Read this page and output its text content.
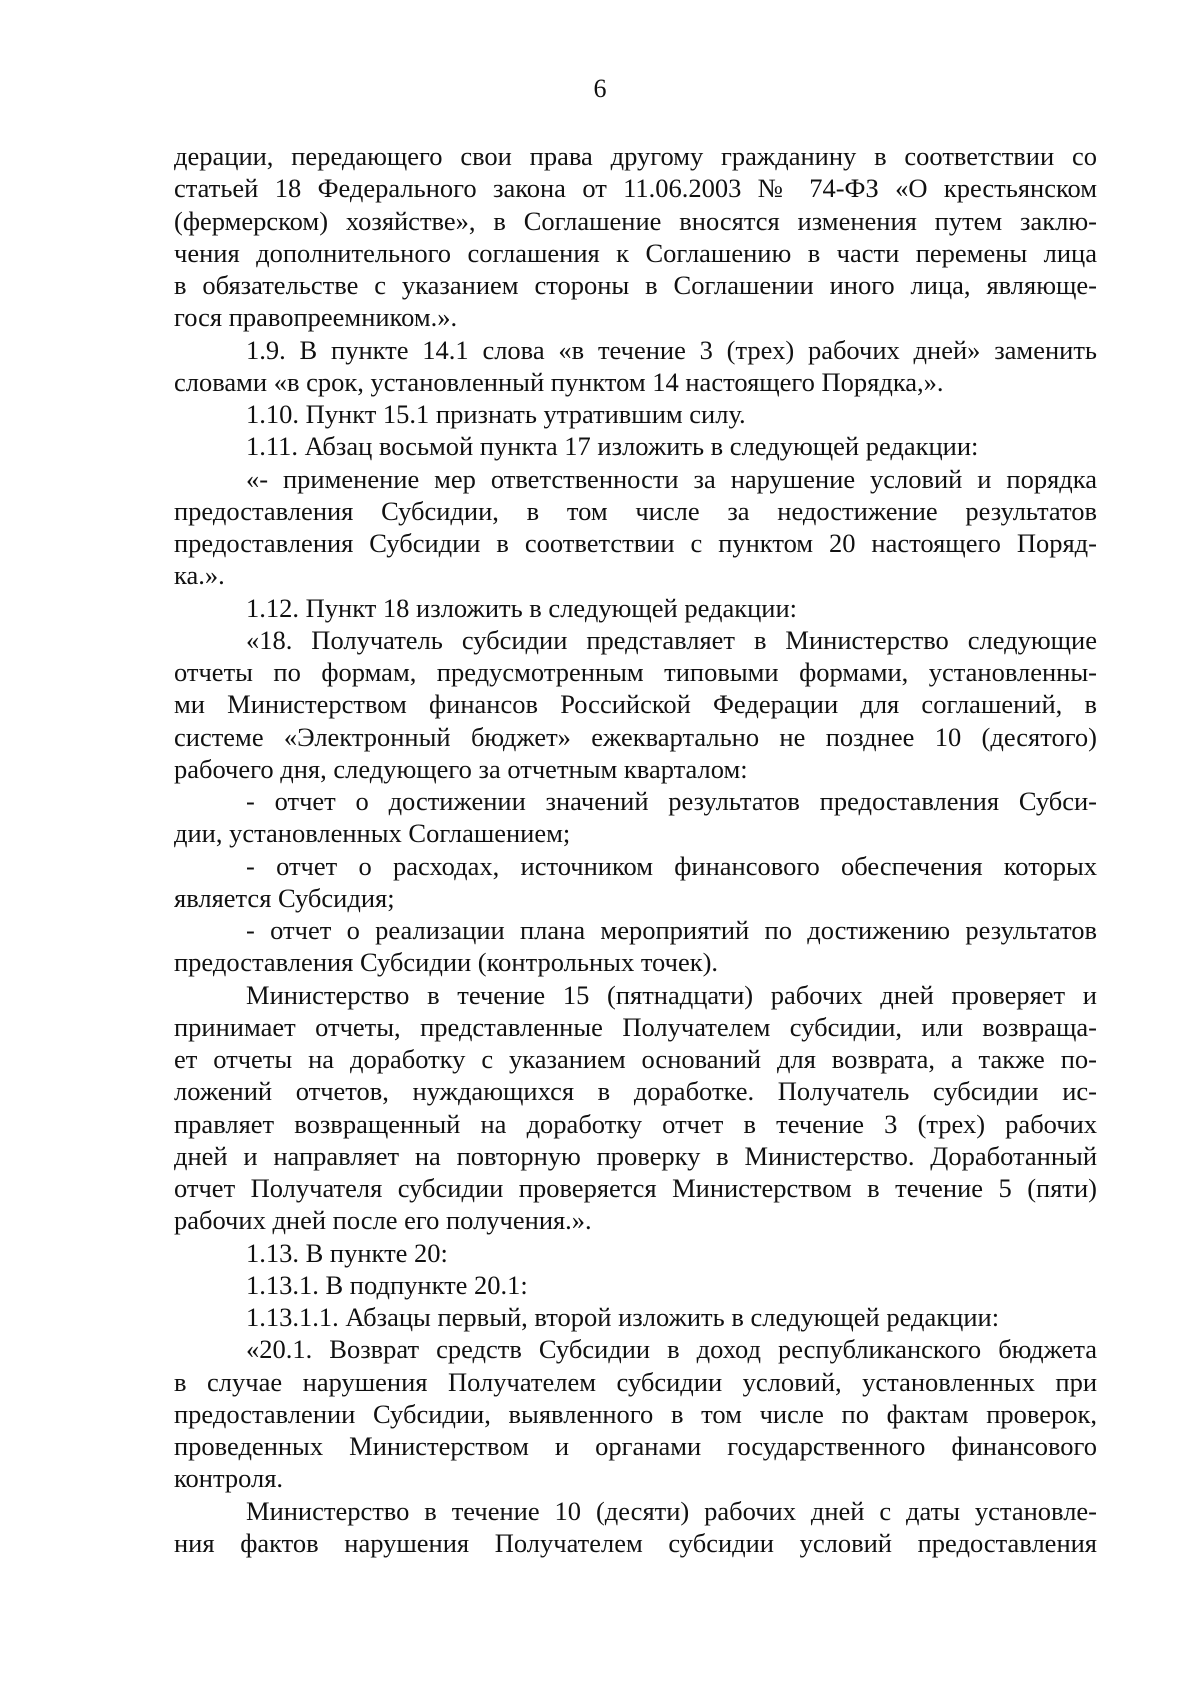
6
дерации, передающего свои права другому гражданину в соответствии со
статьей 18 Федерального закона от 11.06.2003 № 74-ФЗ «О крестьянском
(фермерском) хозяйстве», в Соглашение вносятся изменения путем заклю-
чения дополнительного соглашения к Соглашению в части перемены лица
в обязательстве с указанием стороны в Соглашении иного лица, являюще-
гося правопреемником.».
1.9. В пункте 14.1 слова «в течение 3 (трех) рабочих дней» заменить
словами «в срок, установленный пунктом 14 настоящего Порядка,».
1.10. Пункт 15.1 признать утратившим силу.
1.11. Абзац восьмой пункта 17 изложить в следующей редакции:
«- применение мер ответственности за нарушение условий и порядка
предоставления Субсидии, в том числе за недостижение результатов
предоставления Субсидии в соответствии с пунктом 20 настоящего Поряд-
ка.».
1.12. Пункт 18 изложить в следующей редакции:
«18. Получатель субсидии представляет в Министерство следующие
отчеты по формам, предусмотренным типовыми формами, установленны-
ми Министерством финансов Российской Федерации для соглашений, в
системе «Электронный бюджет» ежеквартально не позднее 10 (десятого)
рабочего дня, следующего за отчетным кварталом:
- отчет о достижении значений результатов предоставления Субси-
дии, установленных Соглашением;
- отчет о расходах, источником финансового обеспечения которых
является Субсидия;
- отчет о реализации плана мероприятий по достижению результатов
предоставления Субсидии (контрольных точек).
Министерство в течение 15 (пятнадцати) рабочих дней проверяет и
принимает отчеты, представленные Получателем субсидии, или возвраща-
ет отчеты на доработку с указанием оснований для возврата, а также по-
ложений отчетов, нуждающихся в доработке. Получатель субсидии ис-
правляет возвращенный на доработку отчет в течение 3 (трех) рабочих
дней и направляет на повторную проверку в Министерство. Доработанный
отчет Получателя субсидии проверяется Министерством в течение 5 (пяти)
рабочих дней после его получения.».
1.13. В пункте 20:
1.13.1. В подпункте 20.1:
1.13.1.1. Абзацы первый, второй изложить в следующей редакции:
«20.1. Возврат средств Субсидии в доход республиканского бюджета
в случае нарушения Получателем субсидии условий, установленных при
предоставлении Субсидии, выявленного в том числе по фактам проверок,
проведенных Министерством и органами государственного финансового
контроля.
Министерство в течение 10 (десяти) рабочих дней с даты установле-
ния фактов нарушения Получателем субсидии условий предоставления
